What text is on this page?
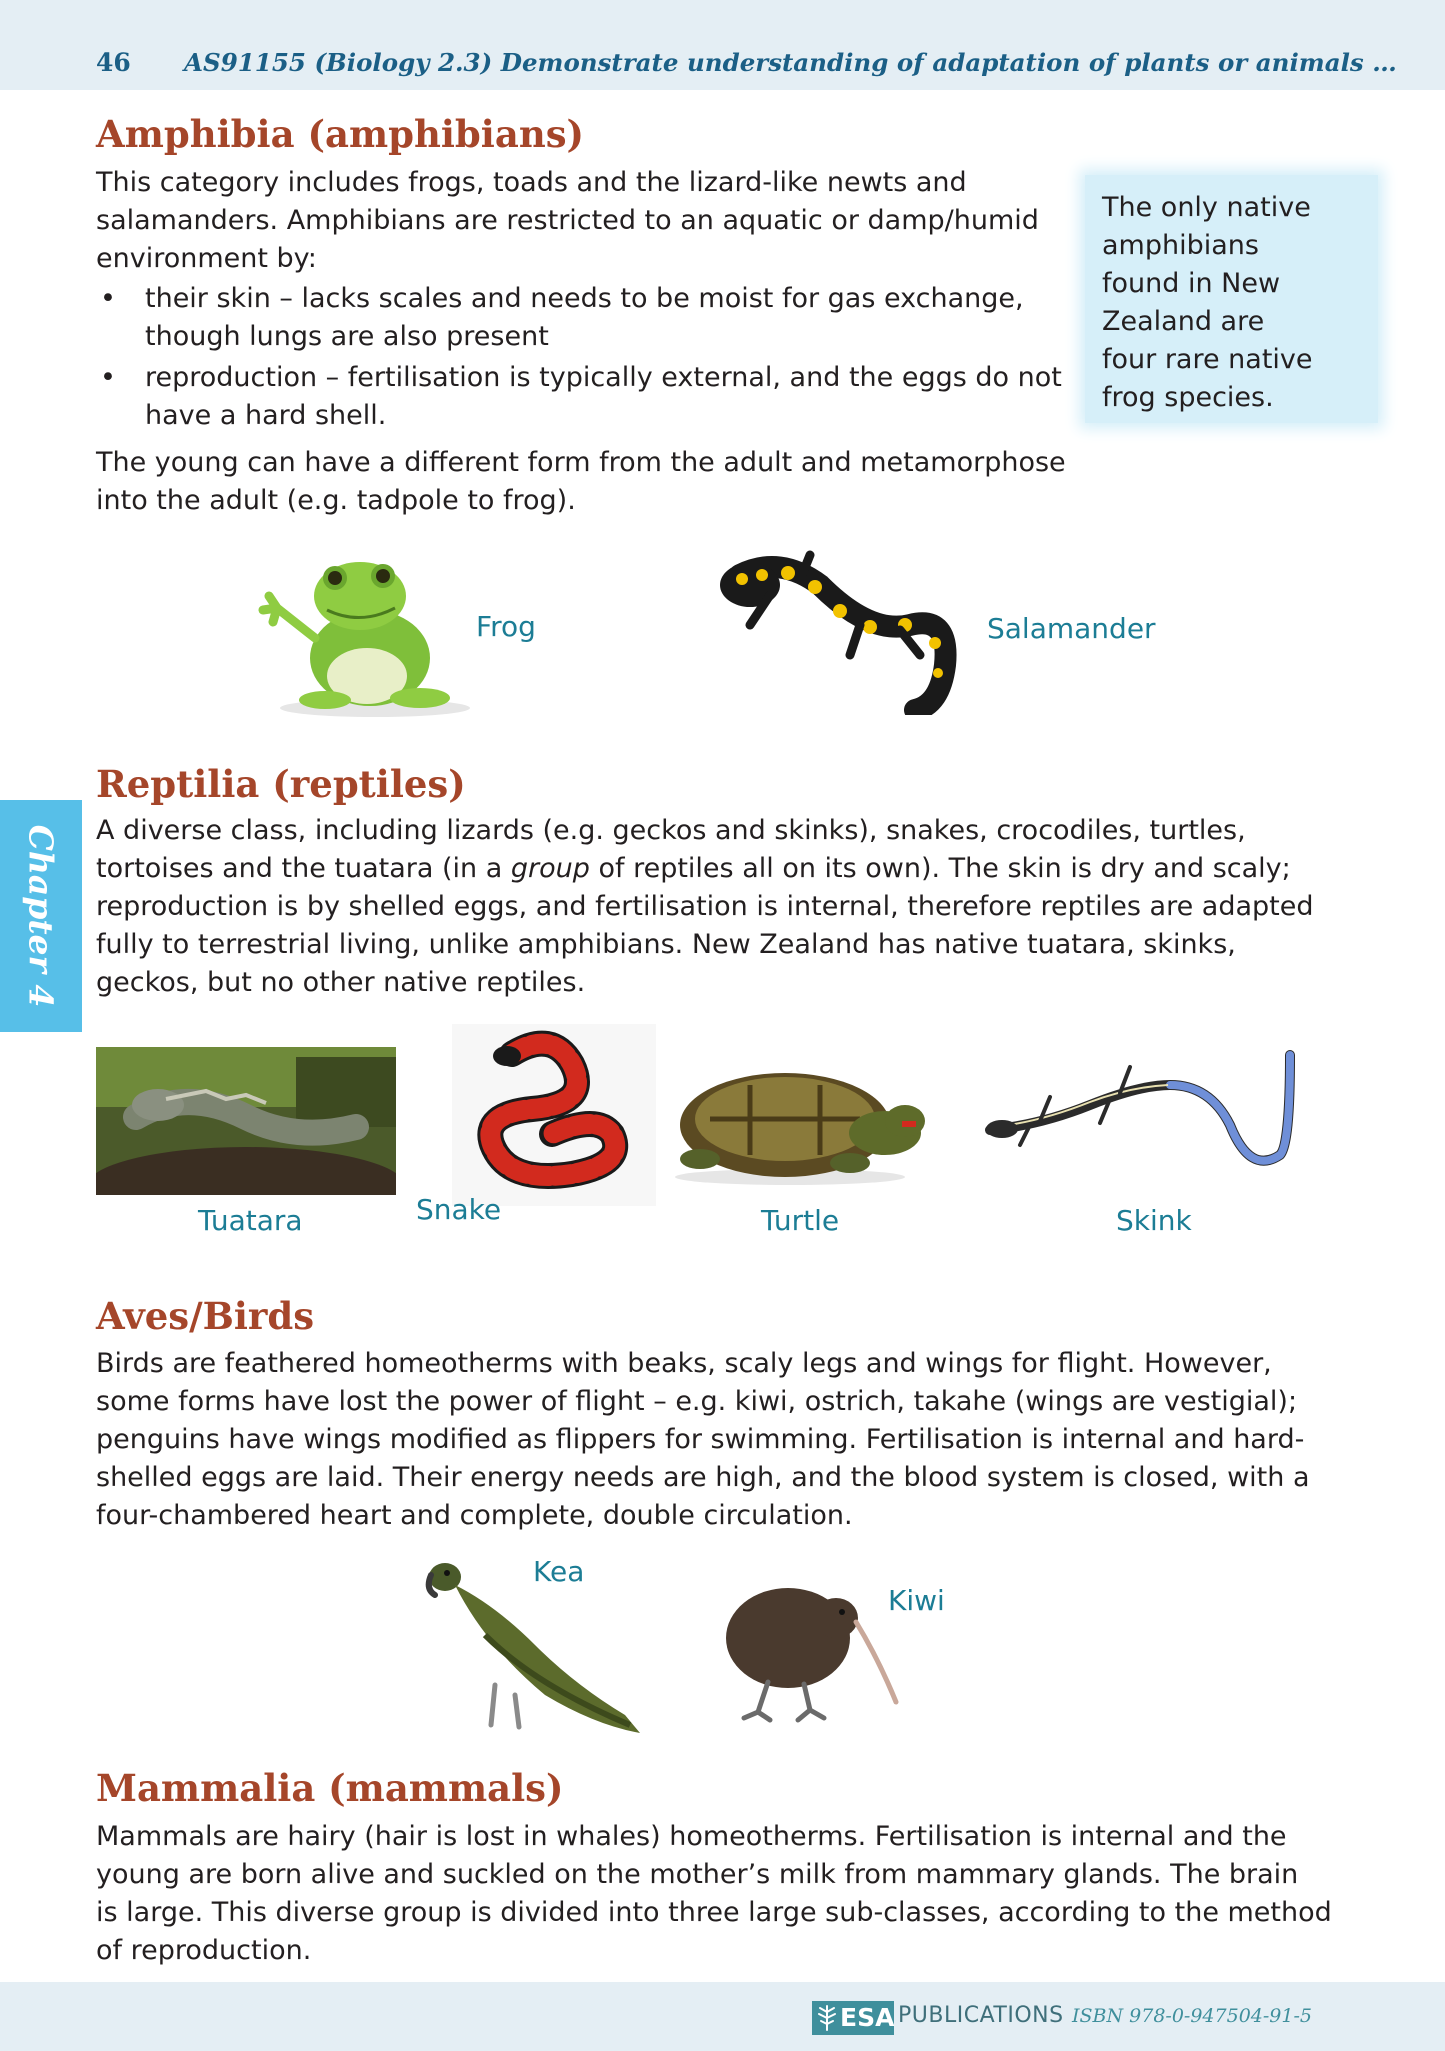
46 AS91155 (Biology 2.3) Demonstrate understanding of adaptation of plants or animals …
Chapter 4
Amphibia (amphibians)

This category includes frogs, toads and the lizard-like newts and
salamanders. Amphibians are restricted to an aquatic or damp/humid
environment by:

• their skin – lacks scales and needs to be moist for gas exchange,
though lungs are also present
• reproduction – fertilisation is typically external, and the eggs do not
have a hard shell.

The young can have a different form from the adult and metamorphose
into the adult (e.g. tadpole to frog).

The only native
amphibians
found in New
Zealand are
four rare native
frog species.

Frog	Salamander
Reptilia (reptiles)

A diverse class, including lizards (e.g. geckos and skinks), snakes, crocodiles, turtles,
tortoises and the tuatara (in a group of reptiles all on its own). The skin is dry and scaly;
reproduction is by shelled eggs, and fertilisation is internal, therefore reptiles are adapted
fully to terrestrial living, unlike amphibians. New Zealand has native tuatara, skinks,
geckos, but no other native reptiles.

Tuatara	Snake	Turtle	Skink
Aves/Birds

Birds are feathered homeotherms with beaks, scaly legs and wings for flight. However,
some forms have lost the power of flight – e.g. kiwi, ostrich, takahe (wings are vestigial);
penguins have wings modified as flippers for swimming. Fertilisation is internal and hard-
shelled eggs are laid. Their energy needs are high, and the blood system is closed, with a
four-chambered heart and complete, double circulation.

Kea
Kiwi
Mammalia (mammals)

Mammals are hairy (hair is lost in whales) homeotherms. Fertilisation is internal and the
young are born alive and suckled on the mother’s milk from mammary glands. The brain
is large. This diverse group is divided into three large sub-classes, according to the method
of reproduction.

ESA PUBLICATIONS ISBN 978-0-947504-91-5
